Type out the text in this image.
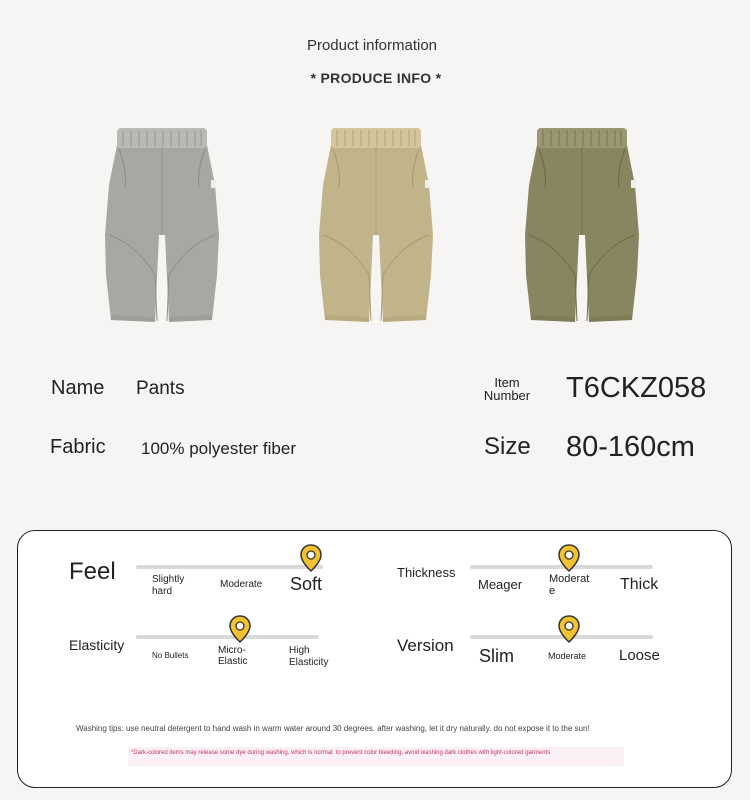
Product information
* PRODUCE INFO *
Name Pants
Fabric 100% polyester fiber
Item
Number T6CKZ058
Size 80-160cm
Feel	Slightly
hard
Moderate Soft
Thickness
Meager Moderat
e	Thick
Elasticity
No Bullets	Micro-
Elastic
High
Elasticity
Version
Slim	Moderate Loose
Washing tips: use neutral detergent to hand wash in warm water around 30 degrees. after washing, let it dry naturally. do not expose it to the sun!
*Dark-colored items may release some dye during washing, which is normal. to prevent color bleeding, avoid washing dark clothes with light-colored garments
